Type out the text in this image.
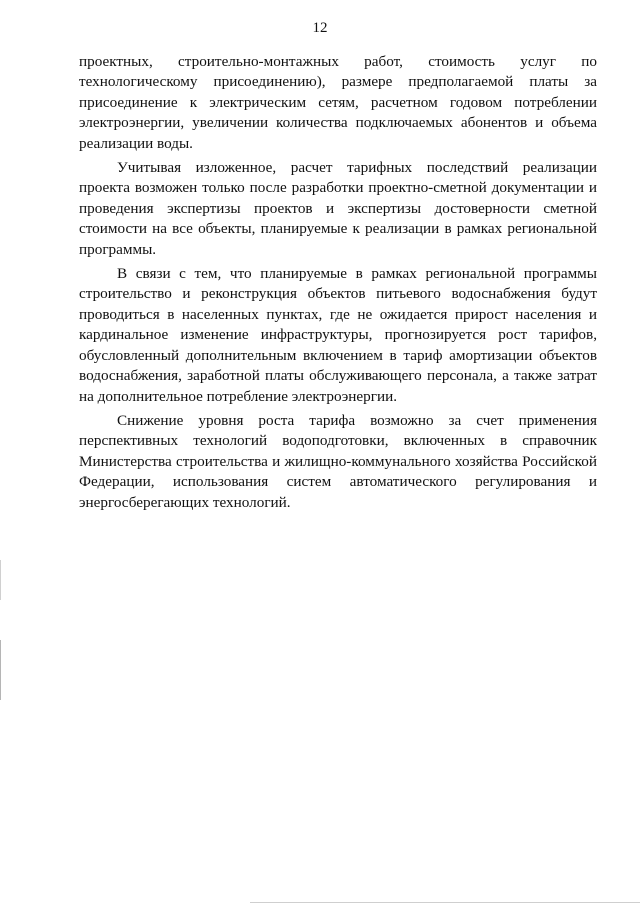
12

проектных, строительно-монтажных работ, стоимость услуг по технологическому присоединению), размере предполагаемой платы за присоединение к электрическим сетям, расчетном годовом потреблении электроэнергии, увеличении количества подключаемых абонентов и объема реализации воды.

Учитывая изложенное, расчет тарифных последствий реализации проекта возможен только после разработки проектно-сметной документации и проведения экспертизы проектов и экспертизы достоверности сметной стоимости на все объекты, планируемые к реализации в рамках региональной программы.

В связи с тем, что планируемые в рамках региональной программы строительство и реконструкция объектов питьевого водоснабжения будут проводиться в населенных пунктах, где не ожидается прирост населения и кардинальное изменение инфраструктуры, прогнозируется рост тарифов, обусловленный дополнительным включением в тариф амортизации объектов водоснабжения, заработной платы обслуживающего персонала, а также затрат на дополнительное потребление электроэнергии.

Снижение уровня роста тарифа возможно за счет применения перспективных технологий водоподготовки, включенных в справочник Министерства строительства и жилищно-коммунального хозяйства Российской Федерации, использования систем автоматического регулирования и энергосберегающих технологий.
